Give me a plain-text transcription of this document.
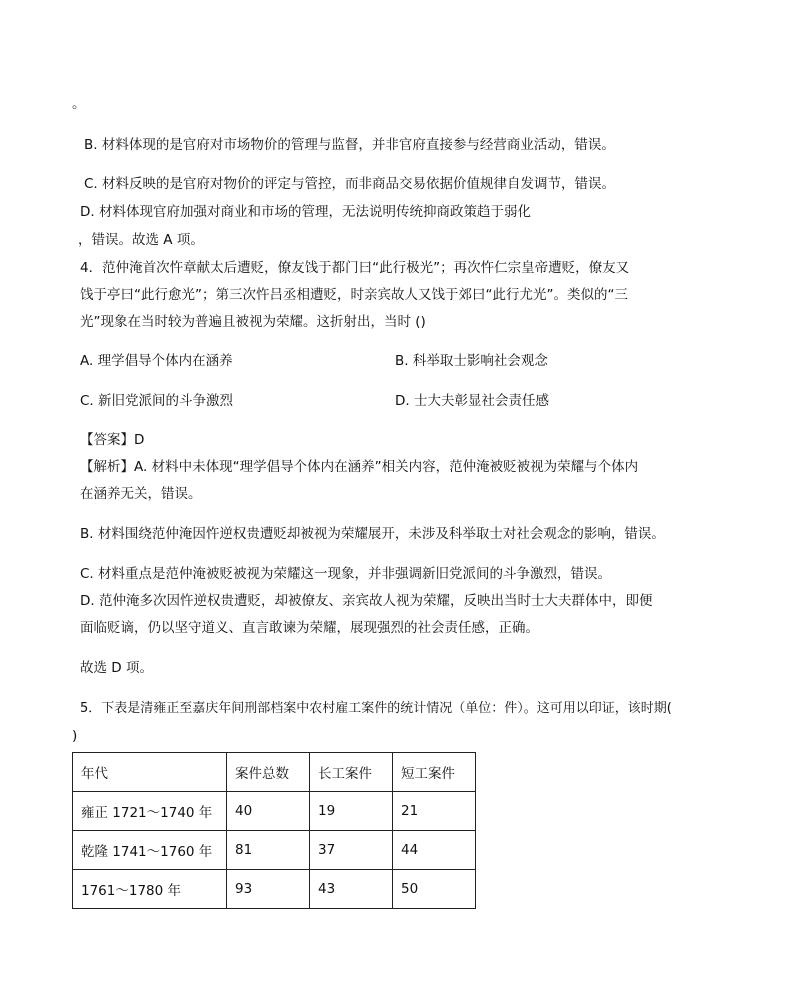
。
B. 材料体现的是官府对市场物价的管理与监督，并非官府直接参与经营商业活动，错误。
C. 材料反映的是官府对物价的评定与管控，而非商品交易依据价值规律自发调节，错误。
D. 材料体现官府加强对商业和市场的管理，无法说明传统抑商政策趋于弱化
，错误。故选 A 项。
4．范仲淹首次忤章献太后遭贬，僚友饯于都门曰“此行极光”；再次忤仁宗皇帝遭贬，僚友又
饯于亭曰“此行愈光”；第三次忤吕丞相遭贬，时亲宾故人又饯于郊曰“此行尤光”。类似的“三
光”现象在当时较为普遍且被视为荣耀。这折射出，当时 ()
A. 理学倡导个体内在涵养	B. 科举取士影响社会观念
C. 新旧党派间的斗争激烈	D. 士大夫彰显社会责任感
【答案】D
【解析】A. 材料中未体现“理学倡导个体内在涵养”相关内容，范仲淹被贬被视为荣耀与个体内
在涵养无关，错误。
B. 材料围绕范仲淹因忤逆权贵遭贬却被视为荣耀展开，未涉及科举取士对社会观念的影响，错误。
C. 材料重点是范仲淹被贬被视为荣耀这一现象，并非强调新旧党派间的斗争激烈，错误。
D. 范仲淹多次因忤逆权贵遭贬，却被僚友、亲宾故人视为荣耀，反映出当时士大夫群体中，即便
面临贬谪，仍以坚守道义、直言敢谏为荣耀，展现强烈的社会责任感，正确。
故选 D 项。
5．下表是清雍正至嘉庆年间刑部档案中农村雇工案件的统计情况（单位：件）。这可用以印证，该时期(
)
年代	案件总数	长工案件	短工案件
雍正 1721～1740 年	40	19	21
乾隆 1741～1760 年	81	37	44
1761～1780 年	93	43	50
